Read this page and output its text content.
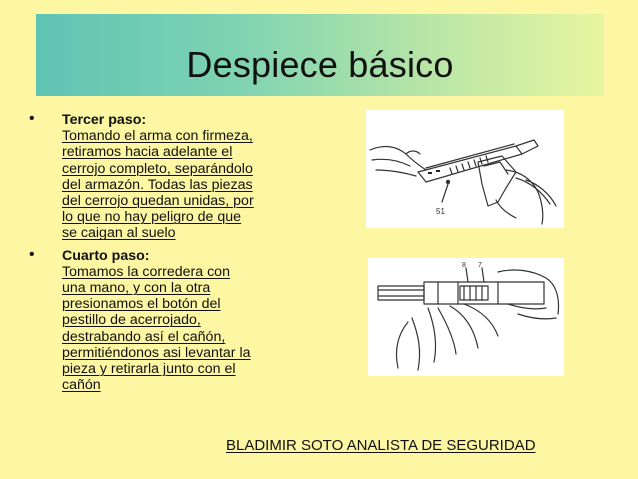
Despiece básico
• Tercer paso:
Tomando el arma con firmeza,
retiramos hacia adelante el
cerrojo completo, separándolo
del armazón. Todas las piezas
del cerrojo quedan unidas, por
lo que no hay peligro de que
se caigan al suelo
• Cuarto paso:
Tomamos la corredera con
una mano, y con la otra
presionamos el botón del
pestillo de acerrojado,
destrabando así el cañón,
permitiéndonos asi levantar la
pieza y retirarla junto con el
cañón
51
8 7
BLADIMIR SOTO ANALISTA DE SEGURIDAD
